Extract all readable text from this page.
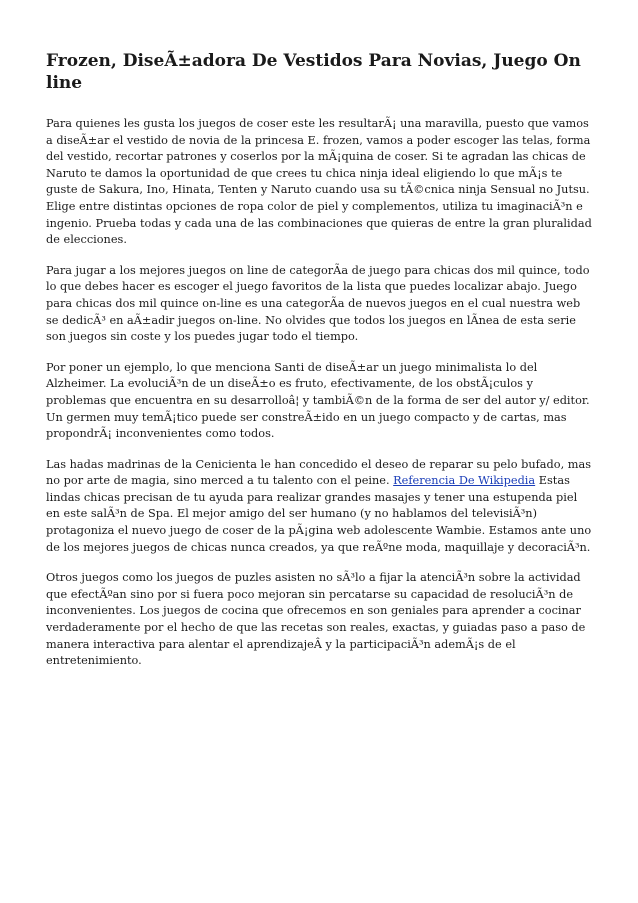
Frozen, DiseÃ±adora De Vestidos Para Novias, Juego On line

Para quienes les gusta los juegos de coser este les resultarÃ¡ una maravilla, puesto que vamos a diseÃ±ar el vestido de novia de la princesa E. frozen, vamos a poder escoger las telas, forma del vestido, recortar patrones y coserlos por la mÃ¡quina de coser. Si te agradan las chicas de Naruto te damos la oportunidad de que crees tu chica ninja ideal eligiendo lo que mÃ¡s te guste de Sakura, Ino, Hinata, Tenten y Naruto cuando usa su tÃ©cnica ninja Sensual no Jutsu. Elige entre distintas opciones de ropa color de piel y complementos, utiliza tu imaginaciÃ³n e ingenio. Prueba todas y cada una de las combinaciones que quieras de entre la gran pluralidad de elecciones.

Para jugar a los mejores juegos on line de categorÃa de juego para chicas dos mil quince, todo lo que debes hacer es escoger el juego favoritos de la lista que puedes localizar abajo. Juego para chicas dos mil quince on-line es una categorÃa de nuevos juegos en el cual nuestra web se dedicÃ³ en aÃ±adir juegos on-line. No olvides que todos los juegos en lÃnea de esta serie son juegos sin coste y los puedes jugar todo el tiempo.

Por poner un ejemplo, lo que menciona Santi de diseÃ±ar un juego minimalista lo del Alzheimer. La evoluciÃ³n de un diseÃ±o es fruto, efectivamente, de los obstÃ¡culos y problemas que encuentra en su desarrolloâ¦ y tambiÃ©n de la forma de ser del autor y/ editor. Un germen muy temÃ¡tico puede ser constreÃ±ido en un juego compacto y de cartas, mas propondrÃ¡ inconvenientes como todos.

Las hadas madrinas de la Cenicienta le han concedido el deseo de reparar su pelo bufado, mas no por arte de magia, sino merced a tu talento con el peine. Referencia De Wikipedia Estas lindas chicas precisan de tu ayuda para realizar grandes masajes y tener una estupenda piel en este salÃ³n de Spa. El mejor amigo del ser humano (y no hablamos del televisiÃ³n) protagoniza el nuevo juego de coser de la pÃ¡gina web adolescente Wambie. Estamos ante uno de los mejores juegos de chicas nunca creados, ya que reÃºne moda, maquillaje y decoraciÃ³n.

Otros juegos como los juegos de puzles asisten no sÃ³lo a fijar la atenciÃ³n sobre la actividad que efectÃºan sino por si fuera poco mejoran sin percatarse su capacidad de resoluciÃ³n de inconvenientes. Los juegos de cocina que ofrecemos en son geniales para aprender a cocinar verdaderamente por el hecho de que las recetas son reales, exactas, y guiadas paso a paso de manera interactiva para alentar el aprendizajeÂ y la participaciÃ³n ademÃ¡s de el entretenimiento.
